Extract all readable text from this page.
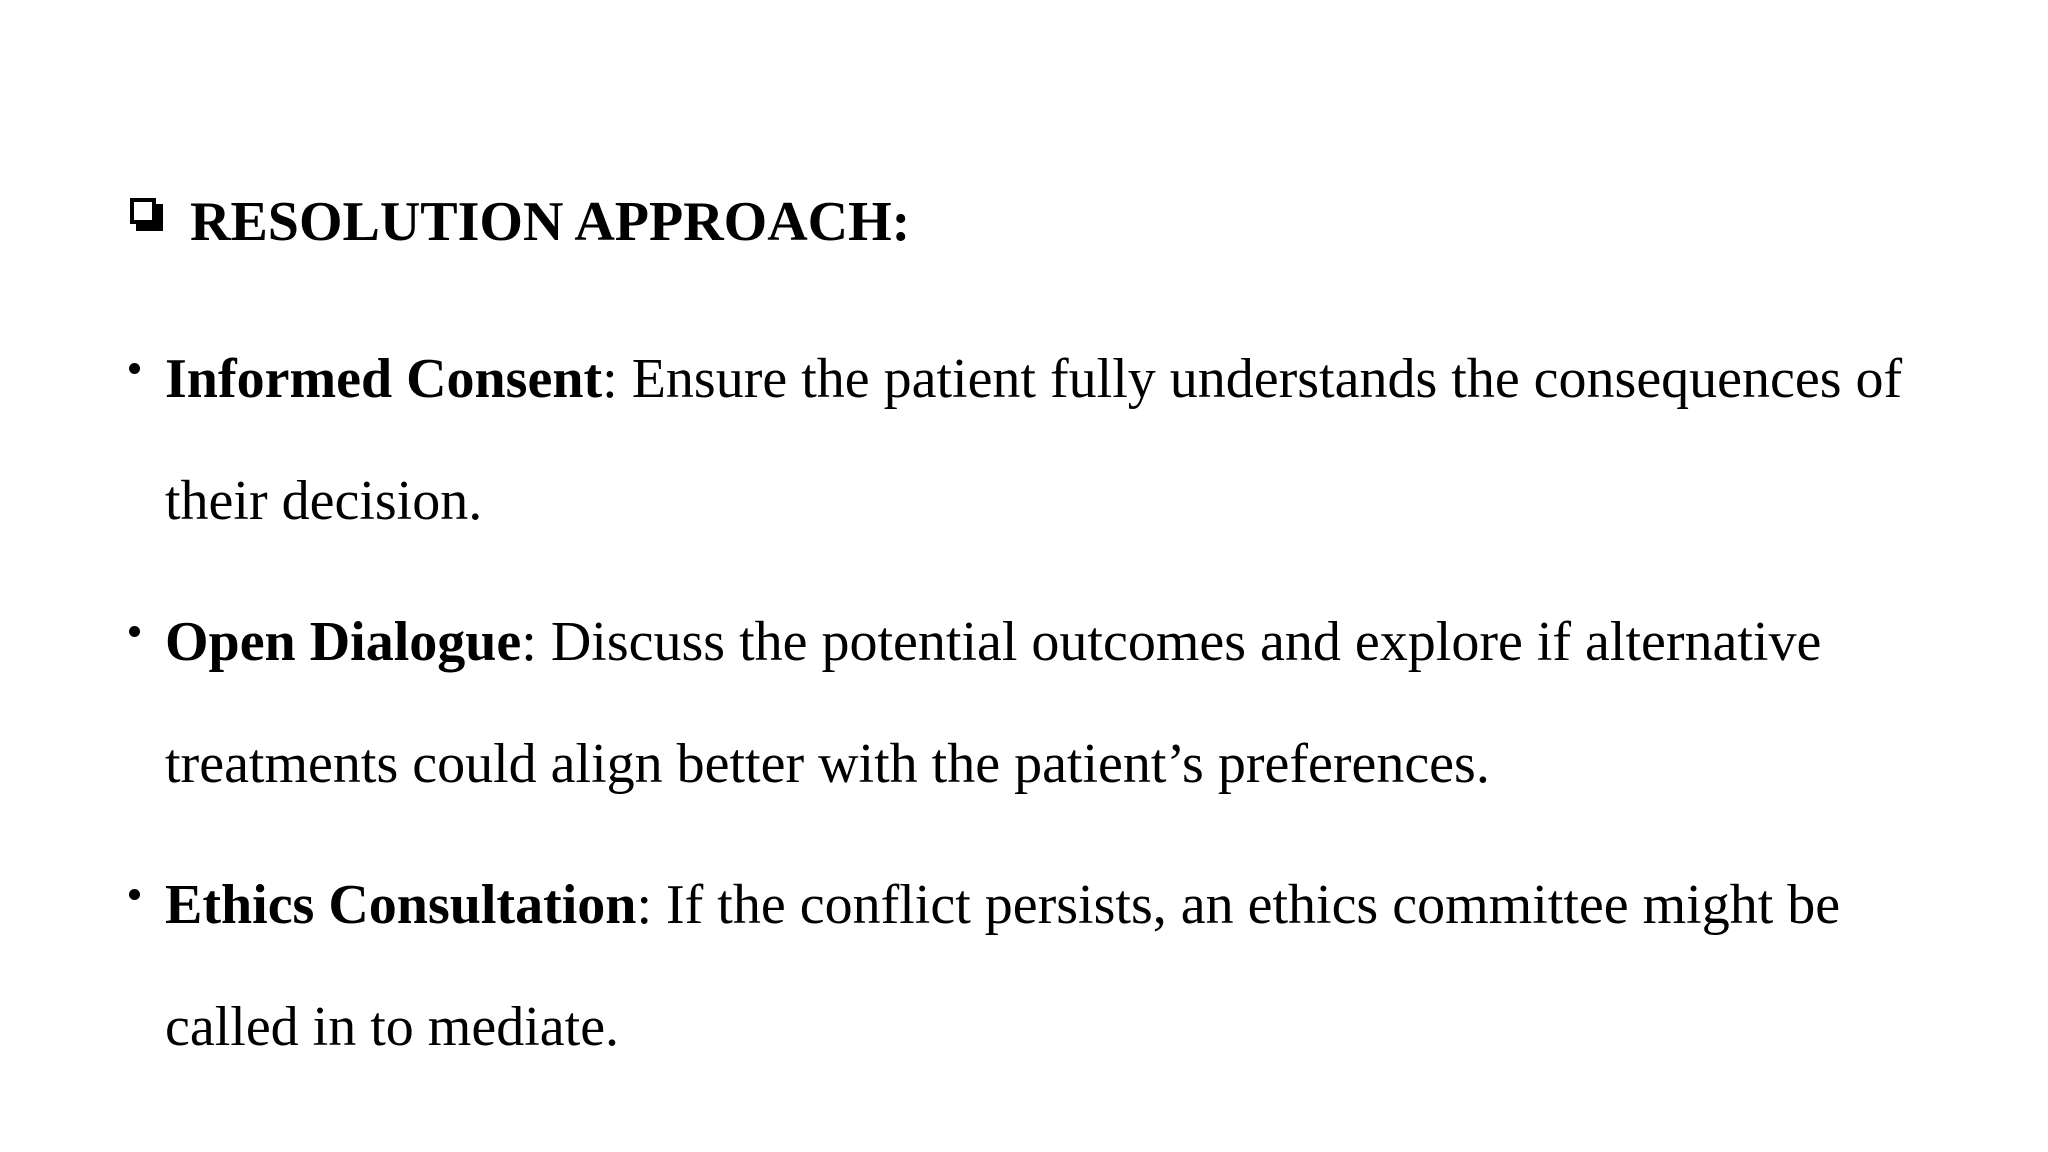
RESOLUTION APPROACH:
Informed Consent: Ensure the patient fully understands the consequences of their decision.
Open Dialogue: Discuss the potential outcomes and explore if alternative treatments could align better with the patient’s preferences.
Ethics Consultation: If the conflict persists, an ethics committee might be called in to mediate.
